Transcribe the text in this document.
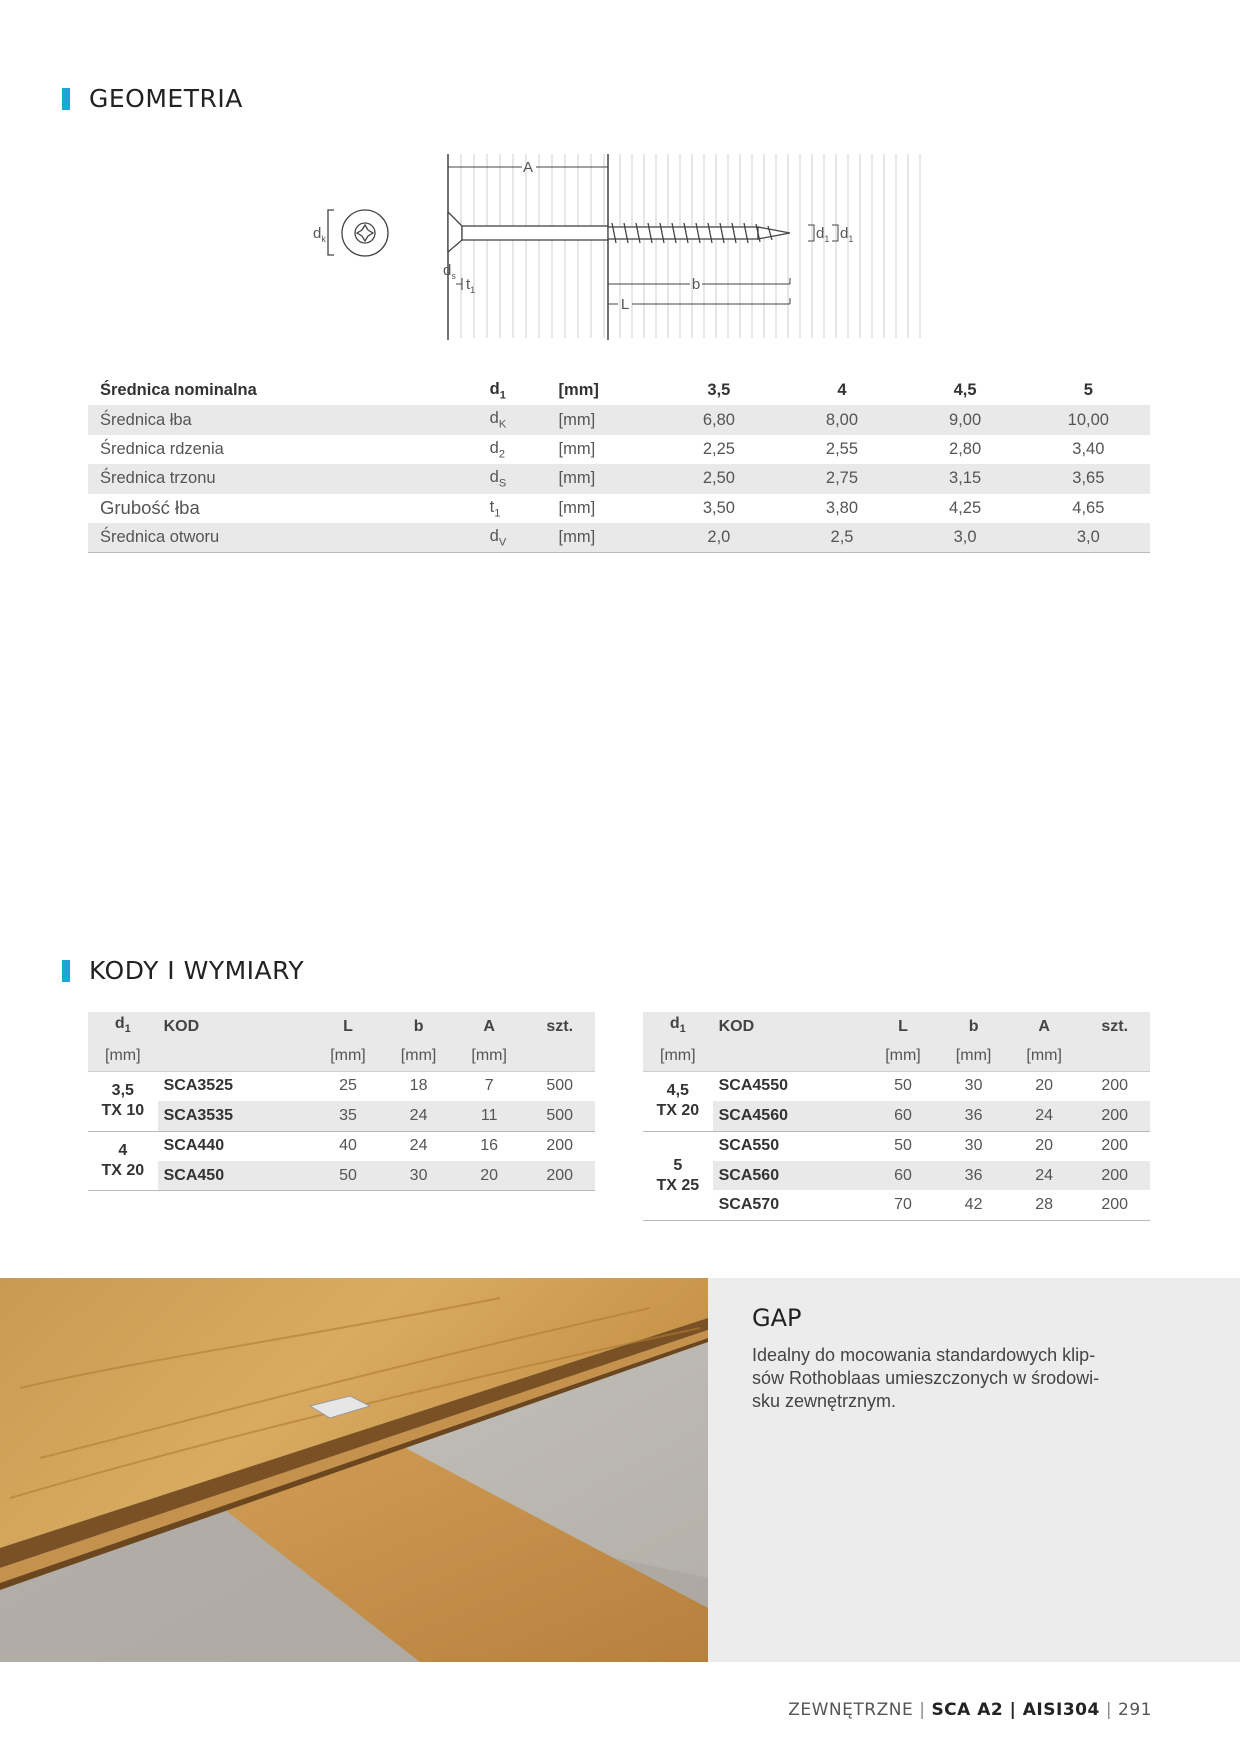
GEOMETRIA
A
b
L
$d_k$
$d_s$ $t_1$
$d_1$ $d_1$
Średnica nominalna	$d_1$	[mm]	3,5	4	4,5	5
Średnica łba	$d_K$	[mm]	6,80	8,00	9,00	10,00
Średnica rdzenia	$d_2$	[mm]	2,25	2,55	2,80	3,40
Średnica trzonu	$d_S$	[mm]	2,50	2,75	3,15	3,65
Grubość łba	$t_1$	[mm]	3,50	3,80	4,25	4,65
Średnica otworu	$d_V$	[mm]	2,0	2,5	3,0	3,0
KODY I WYMIARY
$d_1$	KOD	L	b	A	szt.
[mm]		[mm]	[mm]	[mm]	
3,5
TX 10	SCA3525	25	18	7	500
	SCA3535	35	24	11	500
4
TX 20	SCA440	40	24	16	200
	SCA450	50	30	20	200
$d_1$	KOD	L	b	A	szt.
[mm]		[mm]	[mm]	[mm]	
4,5
TX 20	SCA4550	50	30	20	200
	SCA4560	60	36	24	200
5
TX 25	SCA550	50	30	20	200
	SCA560	60	36	24	200
	SCA570	70	42	28	200
GAP
Idealny do mocowania standardowych klip-
sów Rothoblaas umieszczonych w środowi-
sku zewnętrznym.
ZEWNĘTRZNE | SCA A2 | AISI304 | 291
